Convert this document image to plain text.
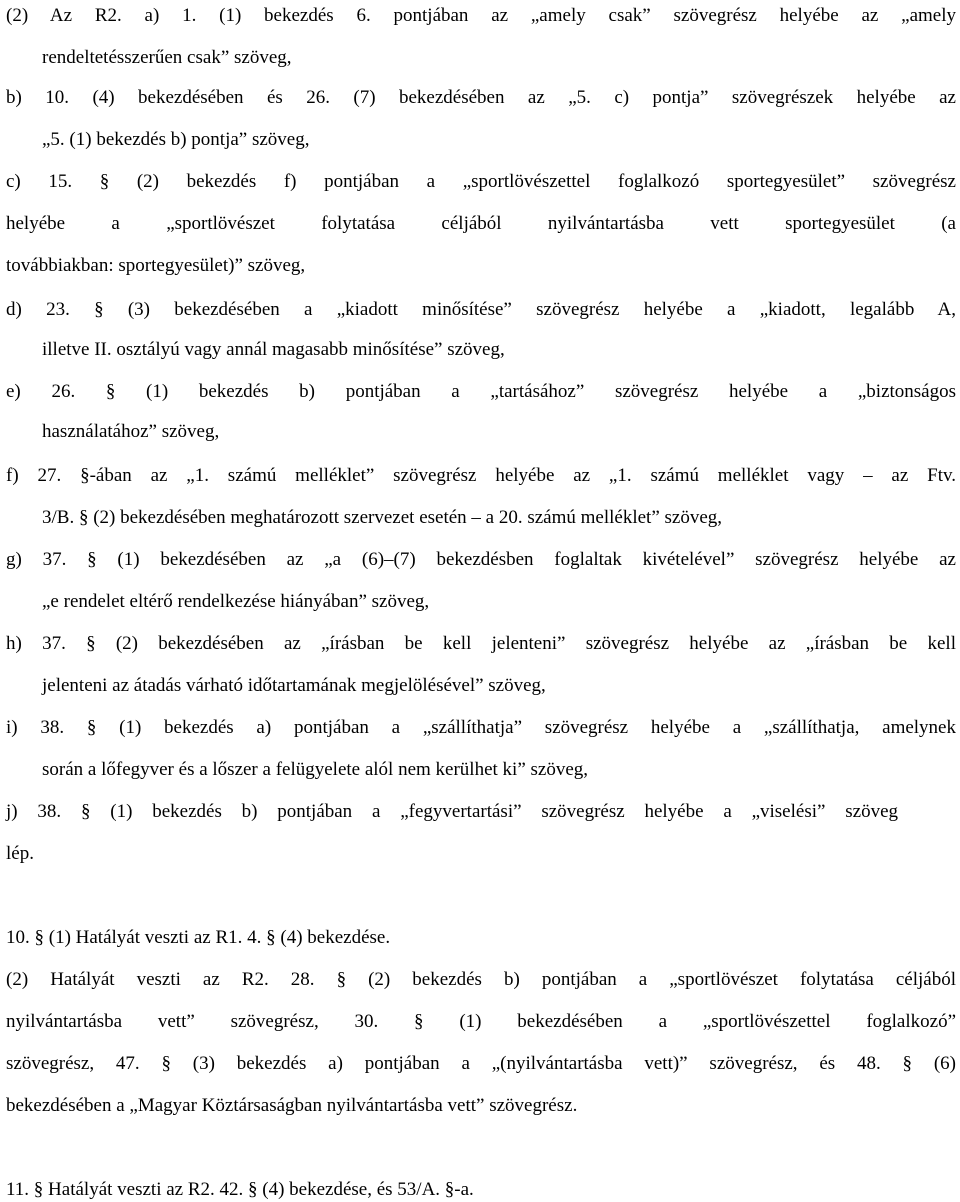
(2) Az R2. a) 1. (1) bekezdés 6. pontjában az „amely csak” szövegrész helyébe az „amely
rendeltetésszerűen csak” szöveg,
b) 10. (4) bekezdésében és 26. (7) bekezdésében az „5. c) pontja” szövegrészek helyébe az
„5. (1) bekezdés b) pontja” szöveg,
c) 15. § (2) bekezdés f) pontjában a „sportlövészettel foglalkozó sportegyesület” szövegrész
helyébe a „sportlövészet folytatása céljából nyilvántartásba vett sportegyesület (a
továbbiakban: sportegyesület)” szöveg,
d) 23. § (3) bekezdésében a „kiadott minősítése” szövegrész helyébe a „kiadott, legalább A,
illetve II. osztályú vagy annál magasabb minősítése” szöveg,
e) 26. § (1) bekezdés b) pontjában a „tartásához” szövegrész helyébe a „biztonságos
használatához” szöveg,
f) 27. §-ában az „1. számú melléklet” szövegrész helyébe az „1. számú melléklet vagy – az Ftv.
3/B. § (2) bekezdésében meghatározott szervezet esetén – a 20. számú melléklet” szöveg,
g) 37. § (1) bekezdésében az „a (6)–(7) bekezdésben foglaltak kivételével” szövegrész helyébe az
„e rendelet eltérő rendelkezése hiányában” szöveg,
h) 37. § (2) bekezdésében az „írásban be kell jelenteni” szövegrész helyébe az „írásban be kell
jelenteni az átadás várható időtartamának megjelölésével” szöveg,
i) 38. § (1) bekezdés a) pontjában a „szállíthatja” szövegrész helyébe a „szállíthatja, amelynek
során a lőfegyver és a lőszer a felügyelete alól nem kerülhet ki” szöveg,
j) 38. § (1) bekezdés b) pontjában a „fegyvertartási” szövegrész helyébe a „viselési” szöveg
lép.
10. § (1) Hatályát veszti az R1. 4. § (4) bekezdése.
(2) Hatályát veszti az R2. 28. § (2) bekezdés b) pontjában a „sportlövészet folytatása céljából
nyilvántartásba vett” szövegrész, 30. § (1) bekezdésében a „sportlövészettel foglalkozó”
szövegrész, 47. § (3) bekezdés a) pontjában a „(nyilvántartásba vett)” szövegrész, és 48. § (6)
bekezdésében a „Magyar Köztársaságban nyilvántartásba vett” szövegrész.
11. § Hatályát veszti az R2. 42. § (4) bekezdése, és 53/A. §-a.
